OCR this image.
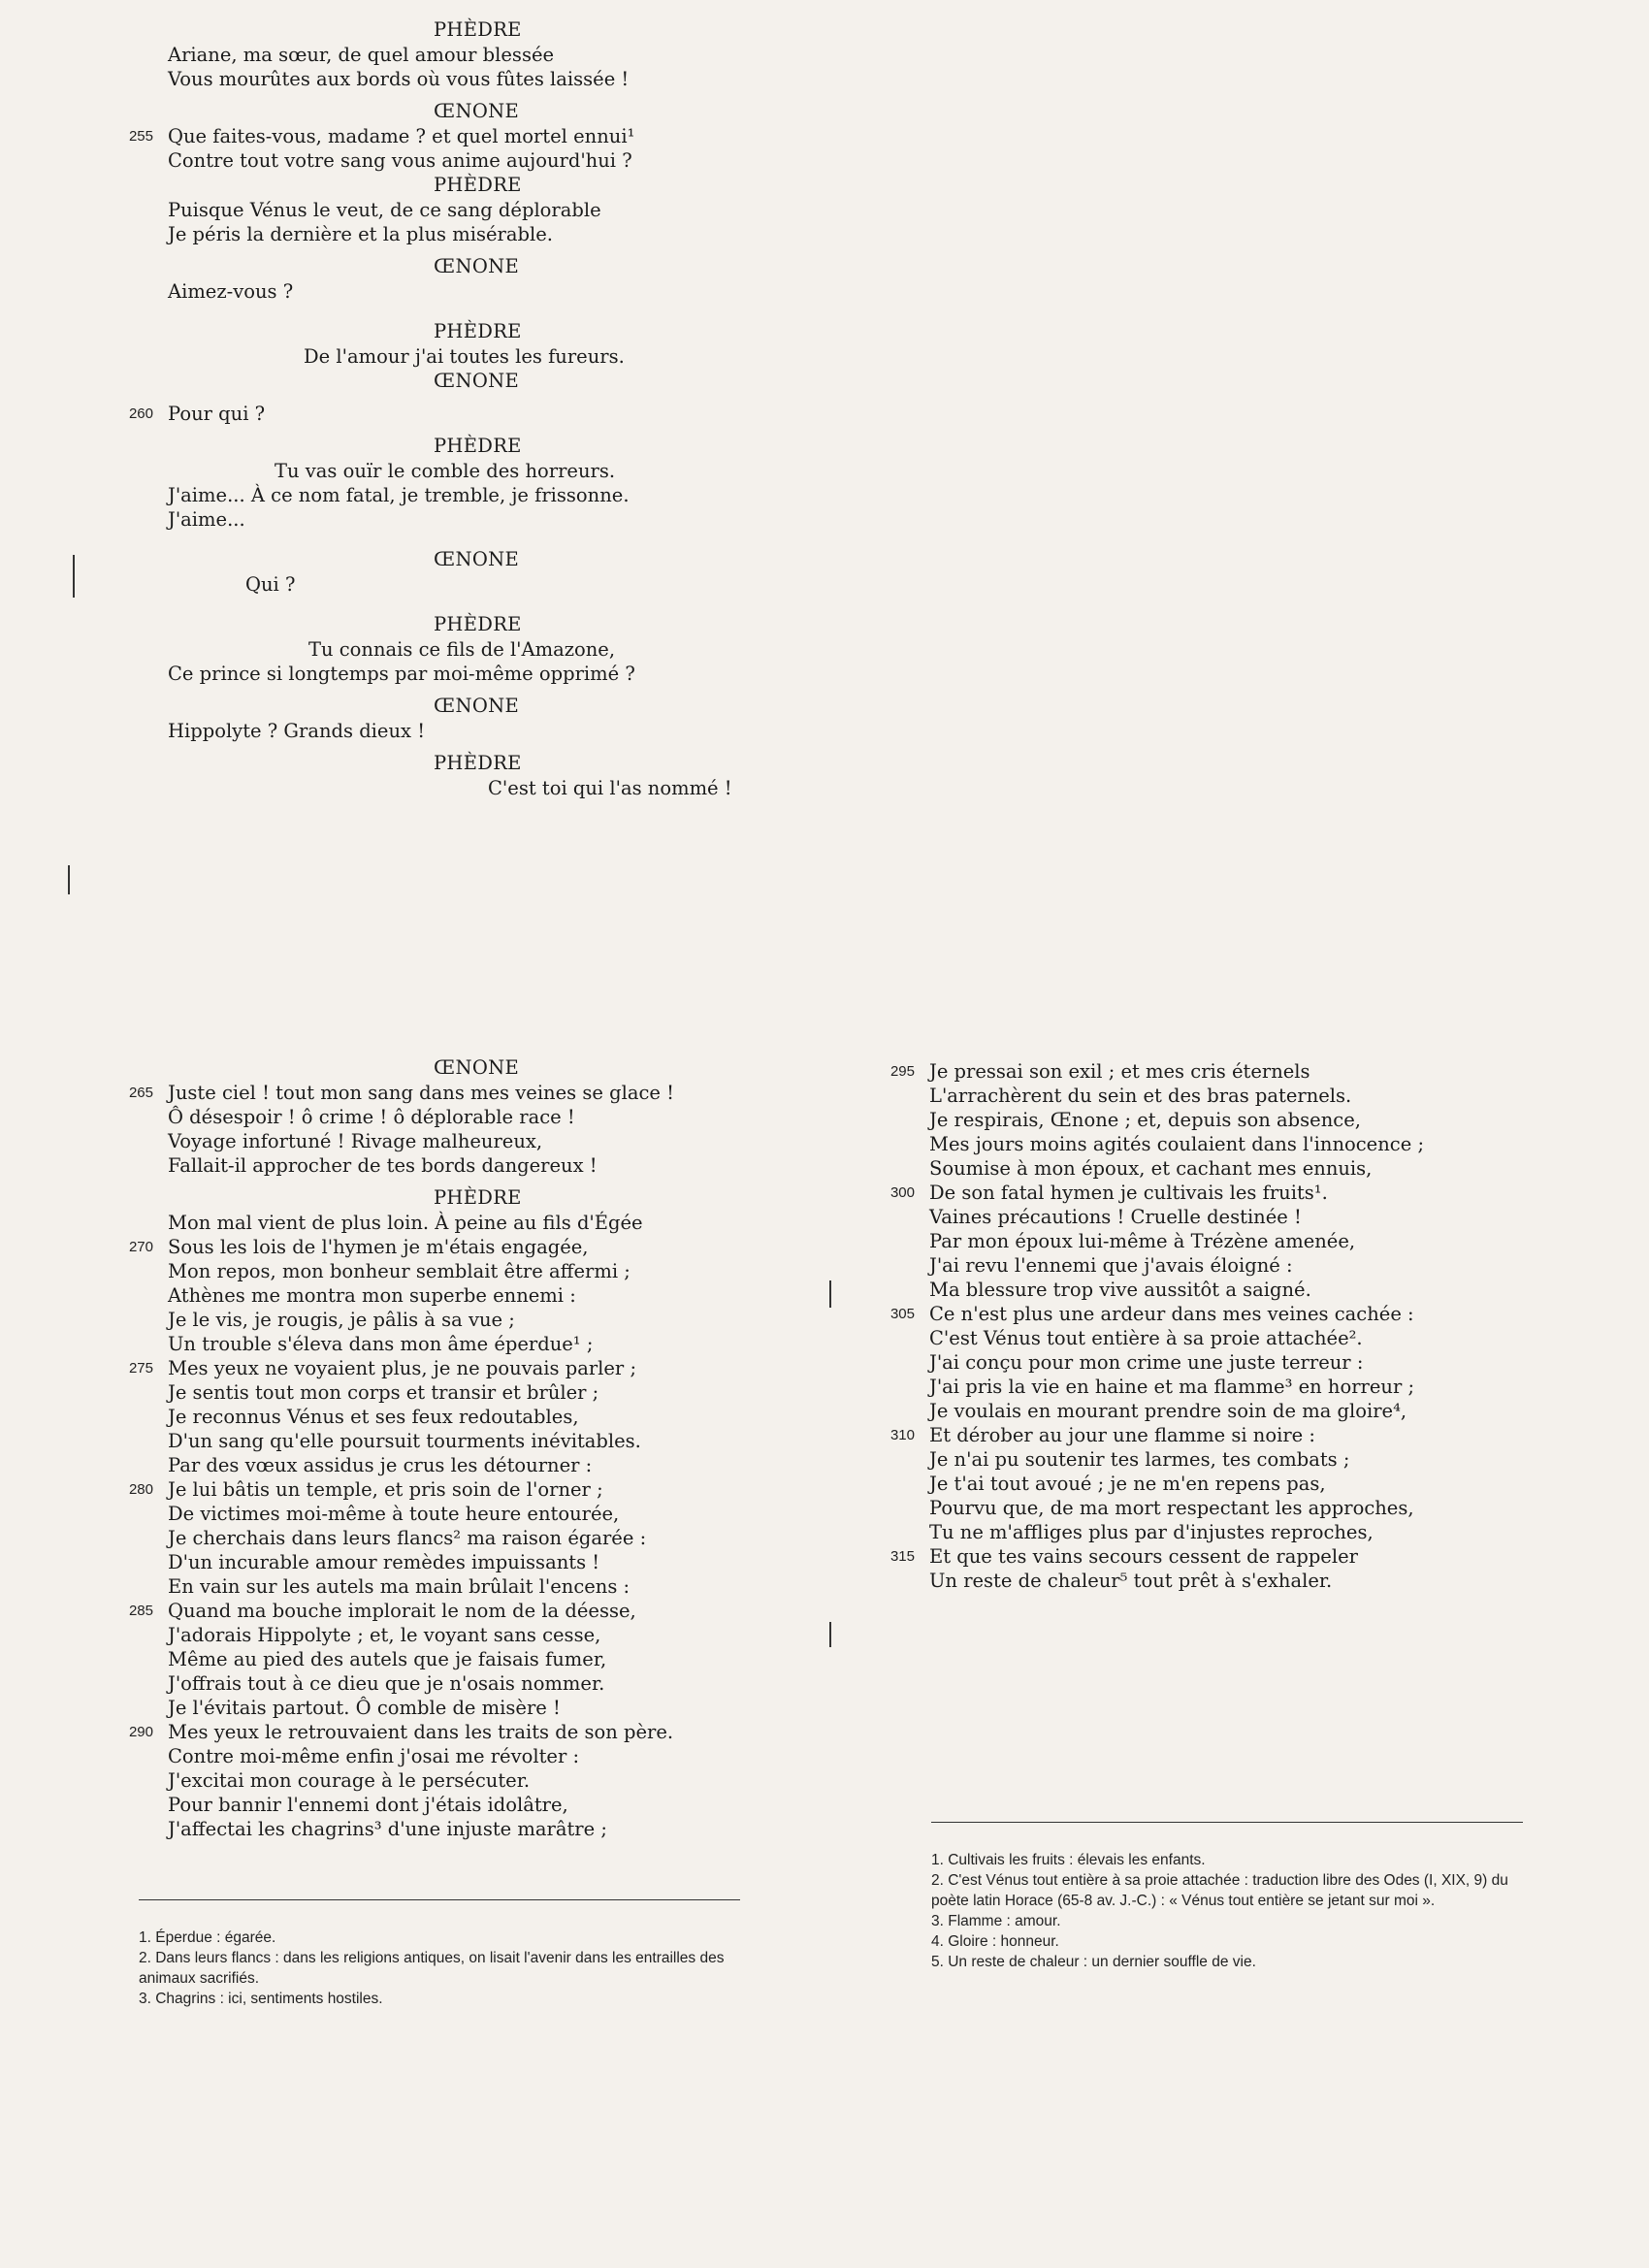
PHÈDRE
Ariane, ma sœur, de quel amour blessée
Vous mourûtes aux bords où vous fûtes laissée !
ŒNONE
255 Que faites-vous, madame ? et quel mortel ennui¹
Contre tout votre sang vous anime aujourd'hui ?
PHÈDRE
Puisque Vénus le veut, de ce sang déplorable
Je péris la dernière et la plus misérable.
ŒNONE
Aimez-vous ?
PHÈDRE
De l'amour j'ai toutes les fureurs.
ŒNONE
260 Pour qui ?
PHÈDRE
Tu vas ouïr le comble des horreurs.
J'aime... À ce nom fatal, je tremble, je frissonne.
J'aime...
ŒNONE
Qui ?
PHÈDRE
Tu connais ce fils de l'Amazone,
Ce prince si longtemps par moi-même opprimé ?
ŒNONE
Hippolyte ? Grands dieux !
PHÈDRE
C'est toi qui l'as nommé !
ŒNONE
265 Juste ciel ! tout mon sang dans mes veines se glace !
Ô désespoir ! ô crime ! ô déplorable race !
Voyage infortuné ! Rivage malheureux,
Fallait-il approcher de tes bords dangereux !
PHÈDRE
Mon mal vient de plus loin. À peine au fils d'Égée
270 Sous les lois de l'hymen je m'étais engagée,
Mon repos, mon bonheur semblait être affermi ;
Athènes me montra mon superbe ennemi :
Je le vis, je rougis, je pâlis à sa vue ;
Un trouble s'éleva dans mon âme éperdue¹ ;
275 Mes yeux ne voyaient plus, je ne pouvais parler ;
Je sentis tout mon corps et transir et brûler ;
Je reconnus Vénus et ses feux redoutables,
D'un sang qu'elle poursuit tourments inévitables.
Par des vœux assidus je crus les détourner :
280 Je lui bâtis un temple, et pris soin de l'orner ;
De victimes moi-même à toute heure entourée,
Je cherchais dans leurs flancs² ma raison égarée :
D'un incurable amour remèdes impuissants !
En vain sur les autels ma main brûlait l'encens :
285 Quand ma bouche implorait le nom de la déesse,
J'adorais Hippolyte ; et, le voyant sans cesse,
Même au pied des autels que je faisais fumer,
J'offrais tout à ce dieu que je n'osais nommer.
Je l'évitais partout. Ô comble de misère !
290 Mes yeux le retrouvaient dans les traits de son père.
Contre moi-même enfin j'osai me révolter :
J'excitai mon courage à le persécuter.
Pour bannir l'ennemi dont j'étais idolâtre,
J'affectai les chagrins³ d'une injuste marâtre ;
295 Je pressai son exil ; et mes cris éternels
L'arrachèrent du sein et des bras paternels.
Je respirais, Œnone ; et, depuis son absence,
Mes jours moins agités coulaient dans l'innocence ;
Soumise à mon époux, et cachant mes ennuis,
300 De son fatal hymen je cultivais les fruits¹.
Vaines précautions ! Cruelle destinée !
Par mon époux lui-même à Trézène amenée,
J'ai revu l'ennemi que j'avais éloigné :
Ma blessure trop vive aussitôt a saigné.
305 Ce n'est plus une ardeur dans mes veines cachée :
C'est Vénus tout entière à sa proie attachée².
J'ai conçu pour mon crime une juste terreur :
J'ai pris la vie en haine et ma flamme³ en horreur ;
Je voulais en mourant prendre soin de ma gloire⁴,
310 Et dérober au jour une flamme si noire :
Je n'ai pu soutenir tes larmes, tes combats ;
Je t'ai tout avoué ; je ne m'en repens pas,
Pourvu que, de ma mort respectant les approches,
Tu ne m'affliges plus par d'injustes reproches,
315 Et que tes vains secours cessent de rappeler
Un reste de chaleur⁵ tout prêt à s'exhaler.
1. Éperdue : égarée.
2. Dans leurs flancs : dans les religions antiques, on lisait l'avenir dans les entrailles des animaux sacrifiés.
3. Chagrins : ici, sentiments hostiles.
1. Cultivais les fruits : élevais les enfants.
2. C'est Vénus tout entière à sa proie attachée : traduction libre des Odes (I, XIX, 9) du poète latin Horace (65-8 av. J.-C.) : « Vénus tout entière se jetant sur moi ».
3. Flamme : amour.
4. Gloire : honneur.
5. Un reste de chaleur : un dernier souffle de vie.
